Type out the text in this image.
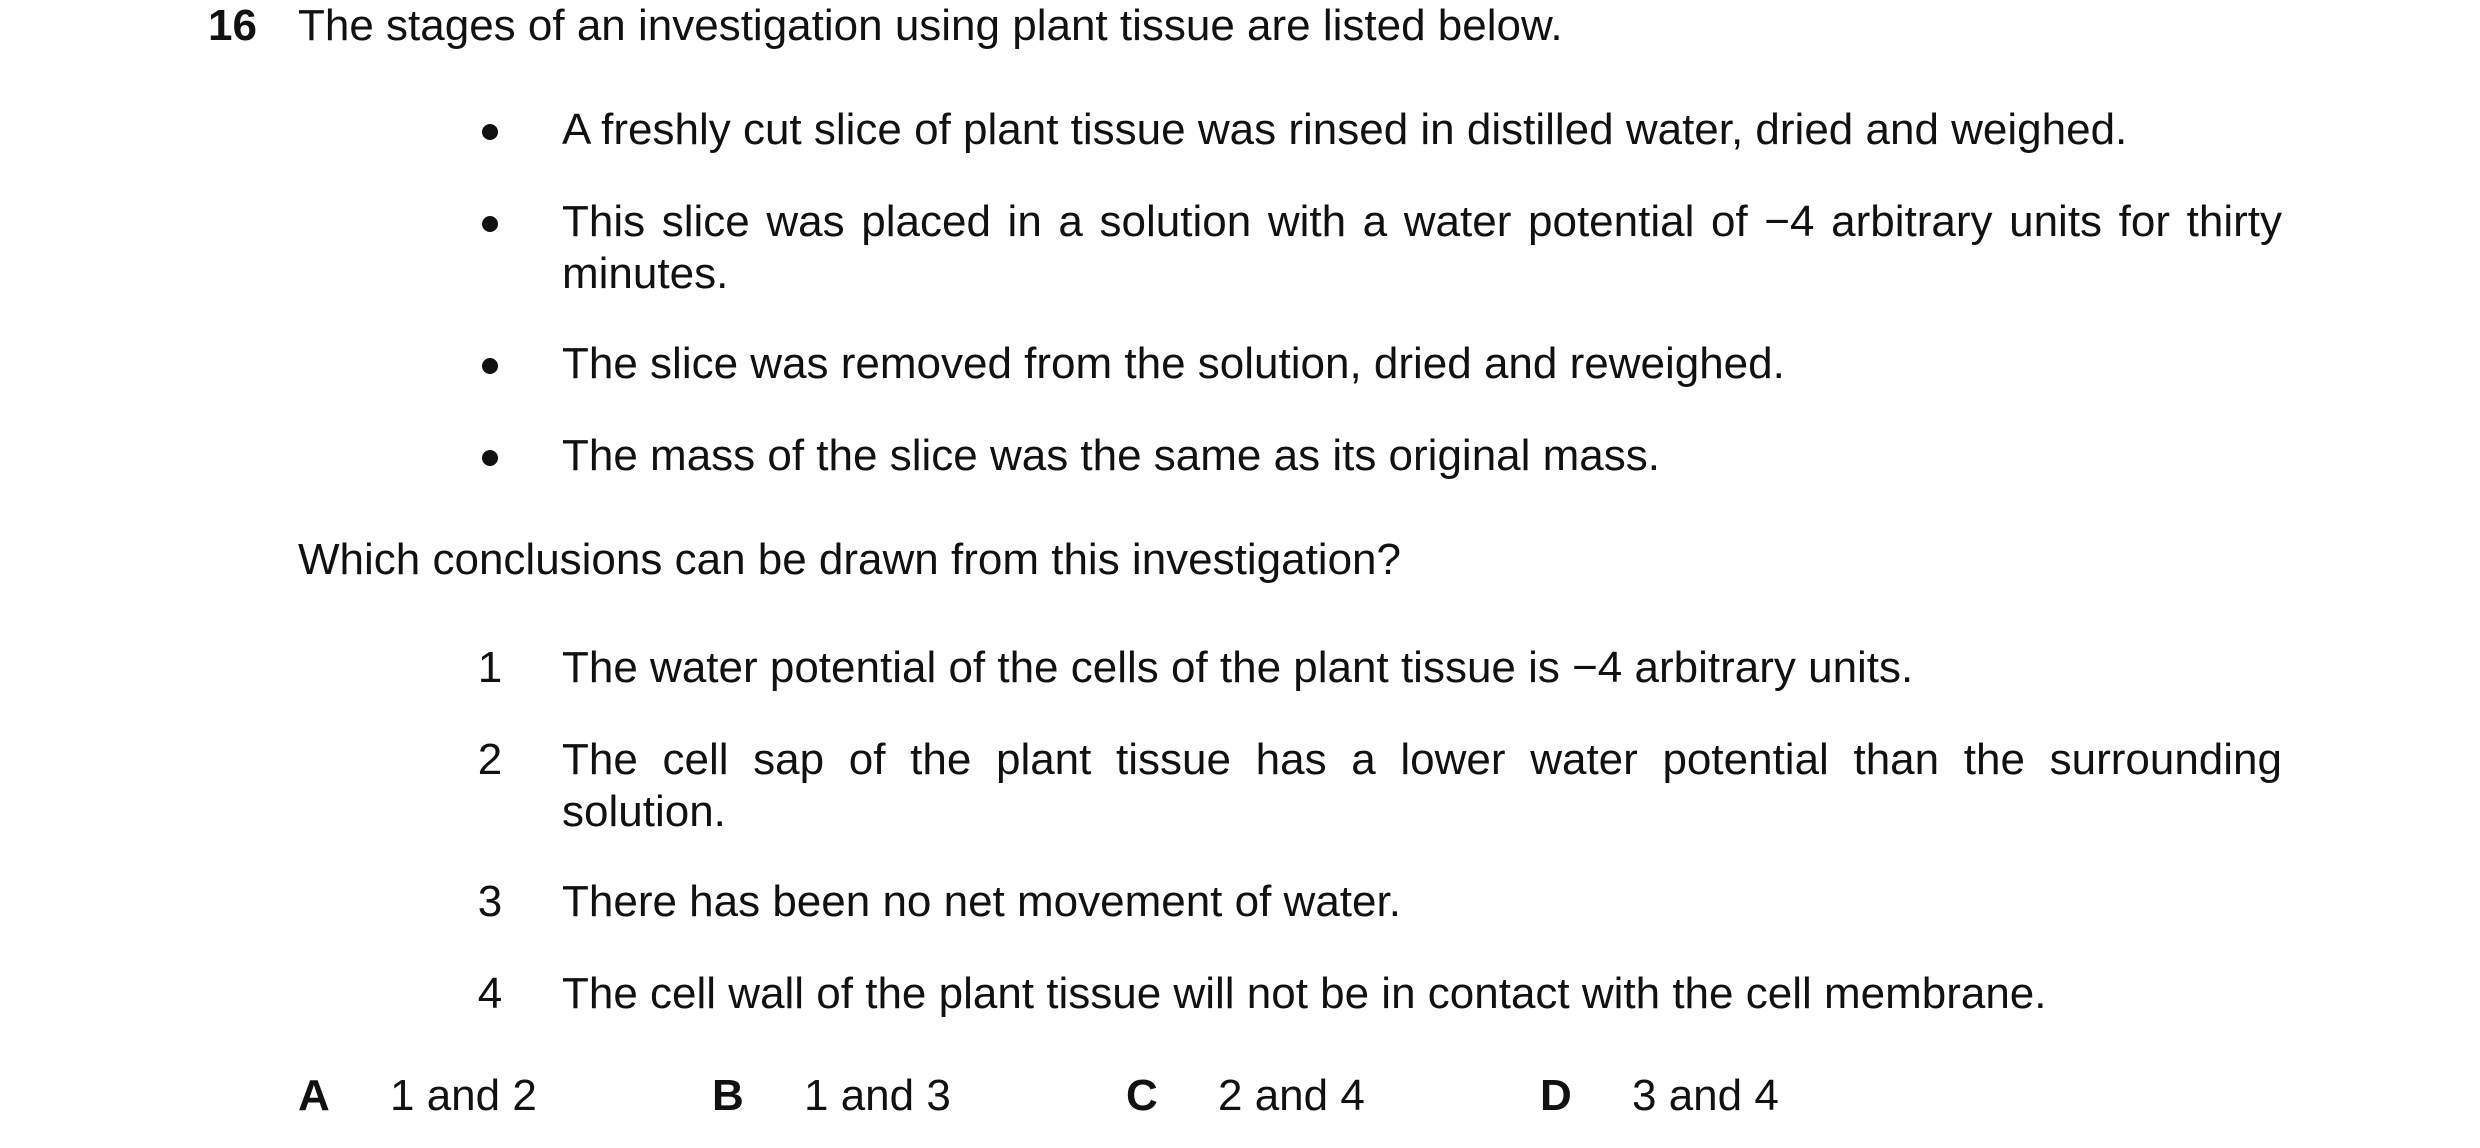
16 The stages of an investigation using plant tissue are listed below.
A freshly cut slice of plant tissue was rinsed in distilled water, dried and weighed.
This slice was placed in a solution with a water potential of −4 arbitrary units for thirty minutes.
The slice was removed from the solution, dried and reweighed.
The mass of the slice was the same as its original mass.
Which conclusions can be drawn from this investigation?
1 The water potential of the cells of the plant tissue is −4 arbitrary units.
2 The cell sap of the plant tissue has a lower water potential than the surrounding solution.
3 There has been no net movement of water.
4 The cell wall of the plant tissue will not be in contact with the cell membrane.
A 1 and 2	B 1 and 3	C 2 and 4	D 3 and 4
